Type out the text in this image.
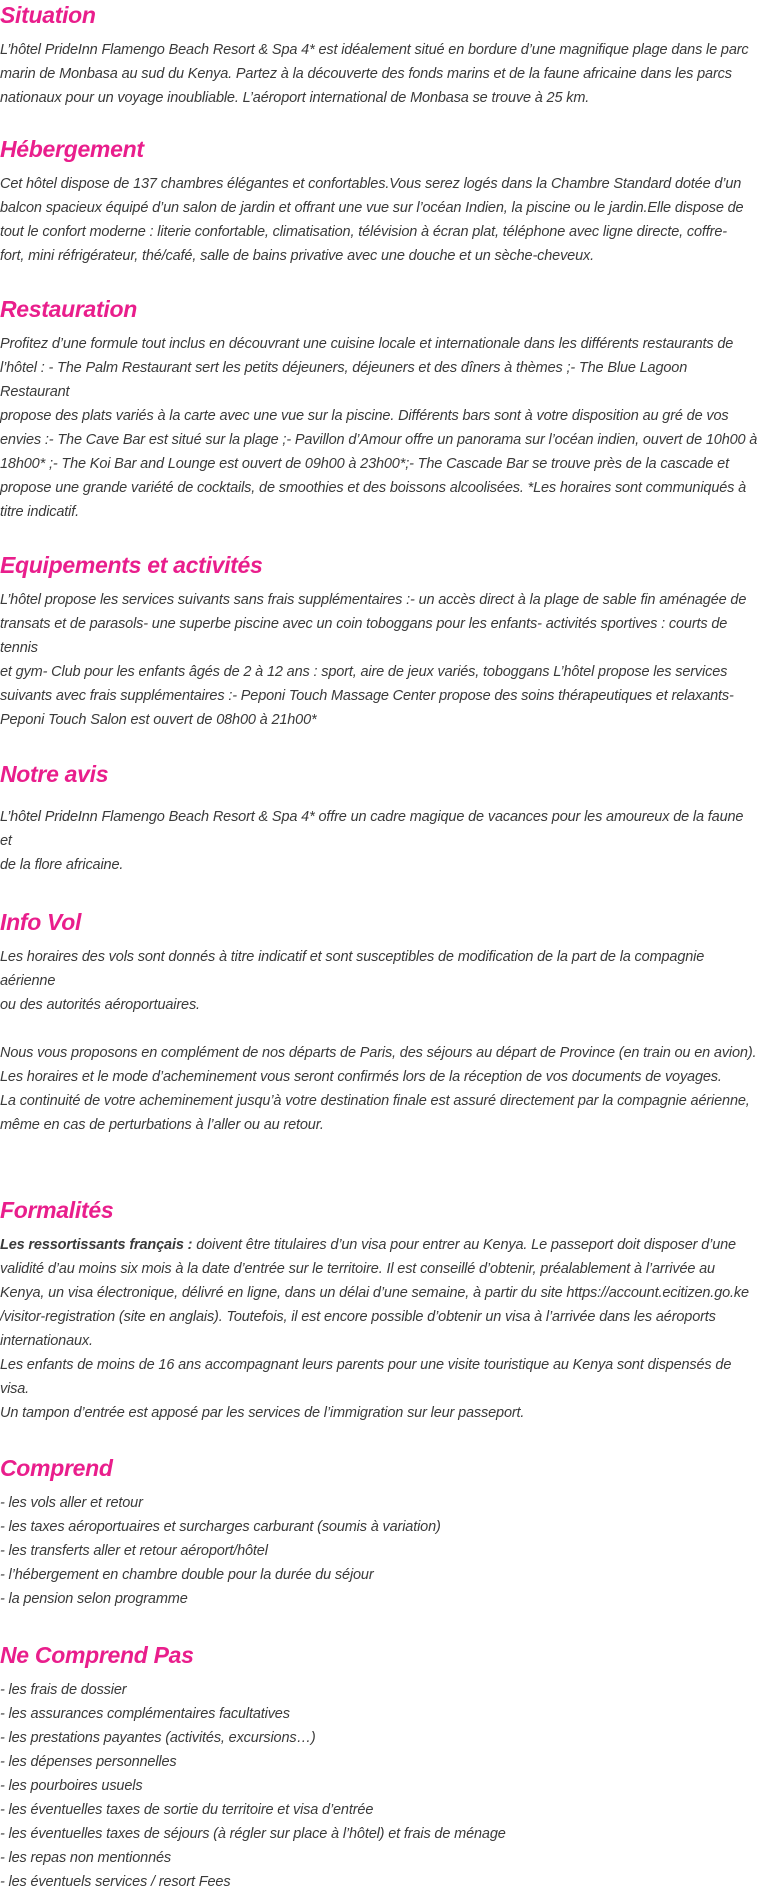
Situation

L’hôtel PrideInn Flamengo Beach Resort & Spa 4* est idéalement situé en bordure d’une magnifique plage dans le parc
marin de Monbasa au sud du Kenya. Partez à la découverte des fonds marins et de la faune africaine dans les parcs
nationaux pour un voyage inoubliable. L’aéroport international de Monbasa se trouve à 25 km.

Hébergement

Cet hôtel dispose de 137 chambres élégantes et confortables.Vous serez logés dans la Chambre Standard dotée d’un
balcon spacieux équipé d’un salon de jardin et offrant une vue sur l’océan Indien, la piscine ou le jardin.Elle dispose de
tout le confort moderne : literie confortable, climatisation, télévision à écran plat, téléphone avec ligne directe, coffre-
fort, mini réfrigérateur, thé/café, salle de bains privative avec une douche et un sèche-cheveux.

Restauration

Profitez d’une formule tout inclus en découvrant une cuisine locale et internationale dans les différents restaurants de
l’hôtel : - The Palm Restaurant sert les petits déjeuners, déjeuners et des dîners à thèmes ;- The Blue Lagoon Restaurant
propose des plats variés à la carte avec une vue sur la piscine. Différents bars sont à votre disposition au gré de vos
envies :- The Cave Bar est situé sur la plage ;- Pavillon d’Amour offre un panorama sur l’océan indien, ouvert de 10h00 à
18h00* ;- The Koi Bar and Lounge est ouvert de 09h00 à 23h00*;- The Cascade Bar se trouve près de la cascade et
propose une grande variété de cocktails, de smoothies et des boissons alcoolisées. *Les horaires sont communiqués à
titre indicatif.

Equipements et activités

L’hôtel propose les services suivants sans frais supplémentaires :- un accès direct à la plage de sable fin aménagée de
transats et de parasols- une superbe piscine avec un coin toboggans pour les enfants- activités sportives : courts de tennis
et gym- Club pour les enfants âgés de 2 à 12 ans : sport, aire de jeux variés, toboggans L’hôtel propose les services
suivants avec frais supplémentaires :- Peponi Touch Massage Center propose des soins thérapeutiques et relaxants-
Peponi Touch Salon est ouvert de 08h00 à 21h00*

Notre avis

L’hôtel PrideInn Flamengo Beach Resort & Spa 4* offre un cadre magique de vacances pour les amoureux de la faune et
de la flore africaine.

Info Vol

Les horaires des vols sont donnés à titre indicatif et sont susceptibles de modification de la part de la compagnie aérienne
ou des autorités aéroportuaires.

Nous vous proposons en complément de nos départs de Paris, des séjours au départ de Province (en train ou en avion).
Les horaires et le mode d’acheminement vous seront confirmés lors de la réception de vos documents de voyages.
La continuité de votre acheminement jusqu’à votre destination finale est assuré directement par la compagnie aérienne,
même en cas de perturbations à l’aller ou au retour.

Formalités

Les ressortissants français : doivent être titulaires d’un visa pour entrer au Kenya. Le passeport doit disposer d’une
validité d’au moins six mois à la date d’entrée sur le territoire. Il est conseillé d’obtenir, préalablement à l’arrivée au
Kenya, un visa électronique, délivré en ligne, dans un délai d’une semaine, à partir du site https://account.ecitizen.go.ke
/visitor-registration (site en anglais). Toutefois, il est encore possible d’obtenir un visa à l’arrivée dans les aéroports
internationaux.
Les enfants de moins de 16 ans accompagnant leurs parents pour une visite touristique au Kenya sont dispensés de visa.
Un tampon d’entrée est apposé par les services de l’immigration sur leur passeport.

Comprend

- les vols aller et retour
- les taxes aéroportuaires et surcharges carburant (soumis à variation)
- les transferts aller et retour aéroport/hôtel
- l’hébergement en chambre double pour la durée du séjour
- la pension selon programme

Ne Comprend Pas

- les frais de dossier
- les assurances complémentaires facultatives
- les prestations payantes (activités, excursions…)
- les dépenses personnelles
- les pourboires usuels
- les éventuelles taxes de sortie du territoire et visa d’entrée
- les éventuelles taxes de séjours (à régler sur place à l’hôtel) et frais de ménage
- les repas non mentionnés
- les éventuels services / resort Fees
